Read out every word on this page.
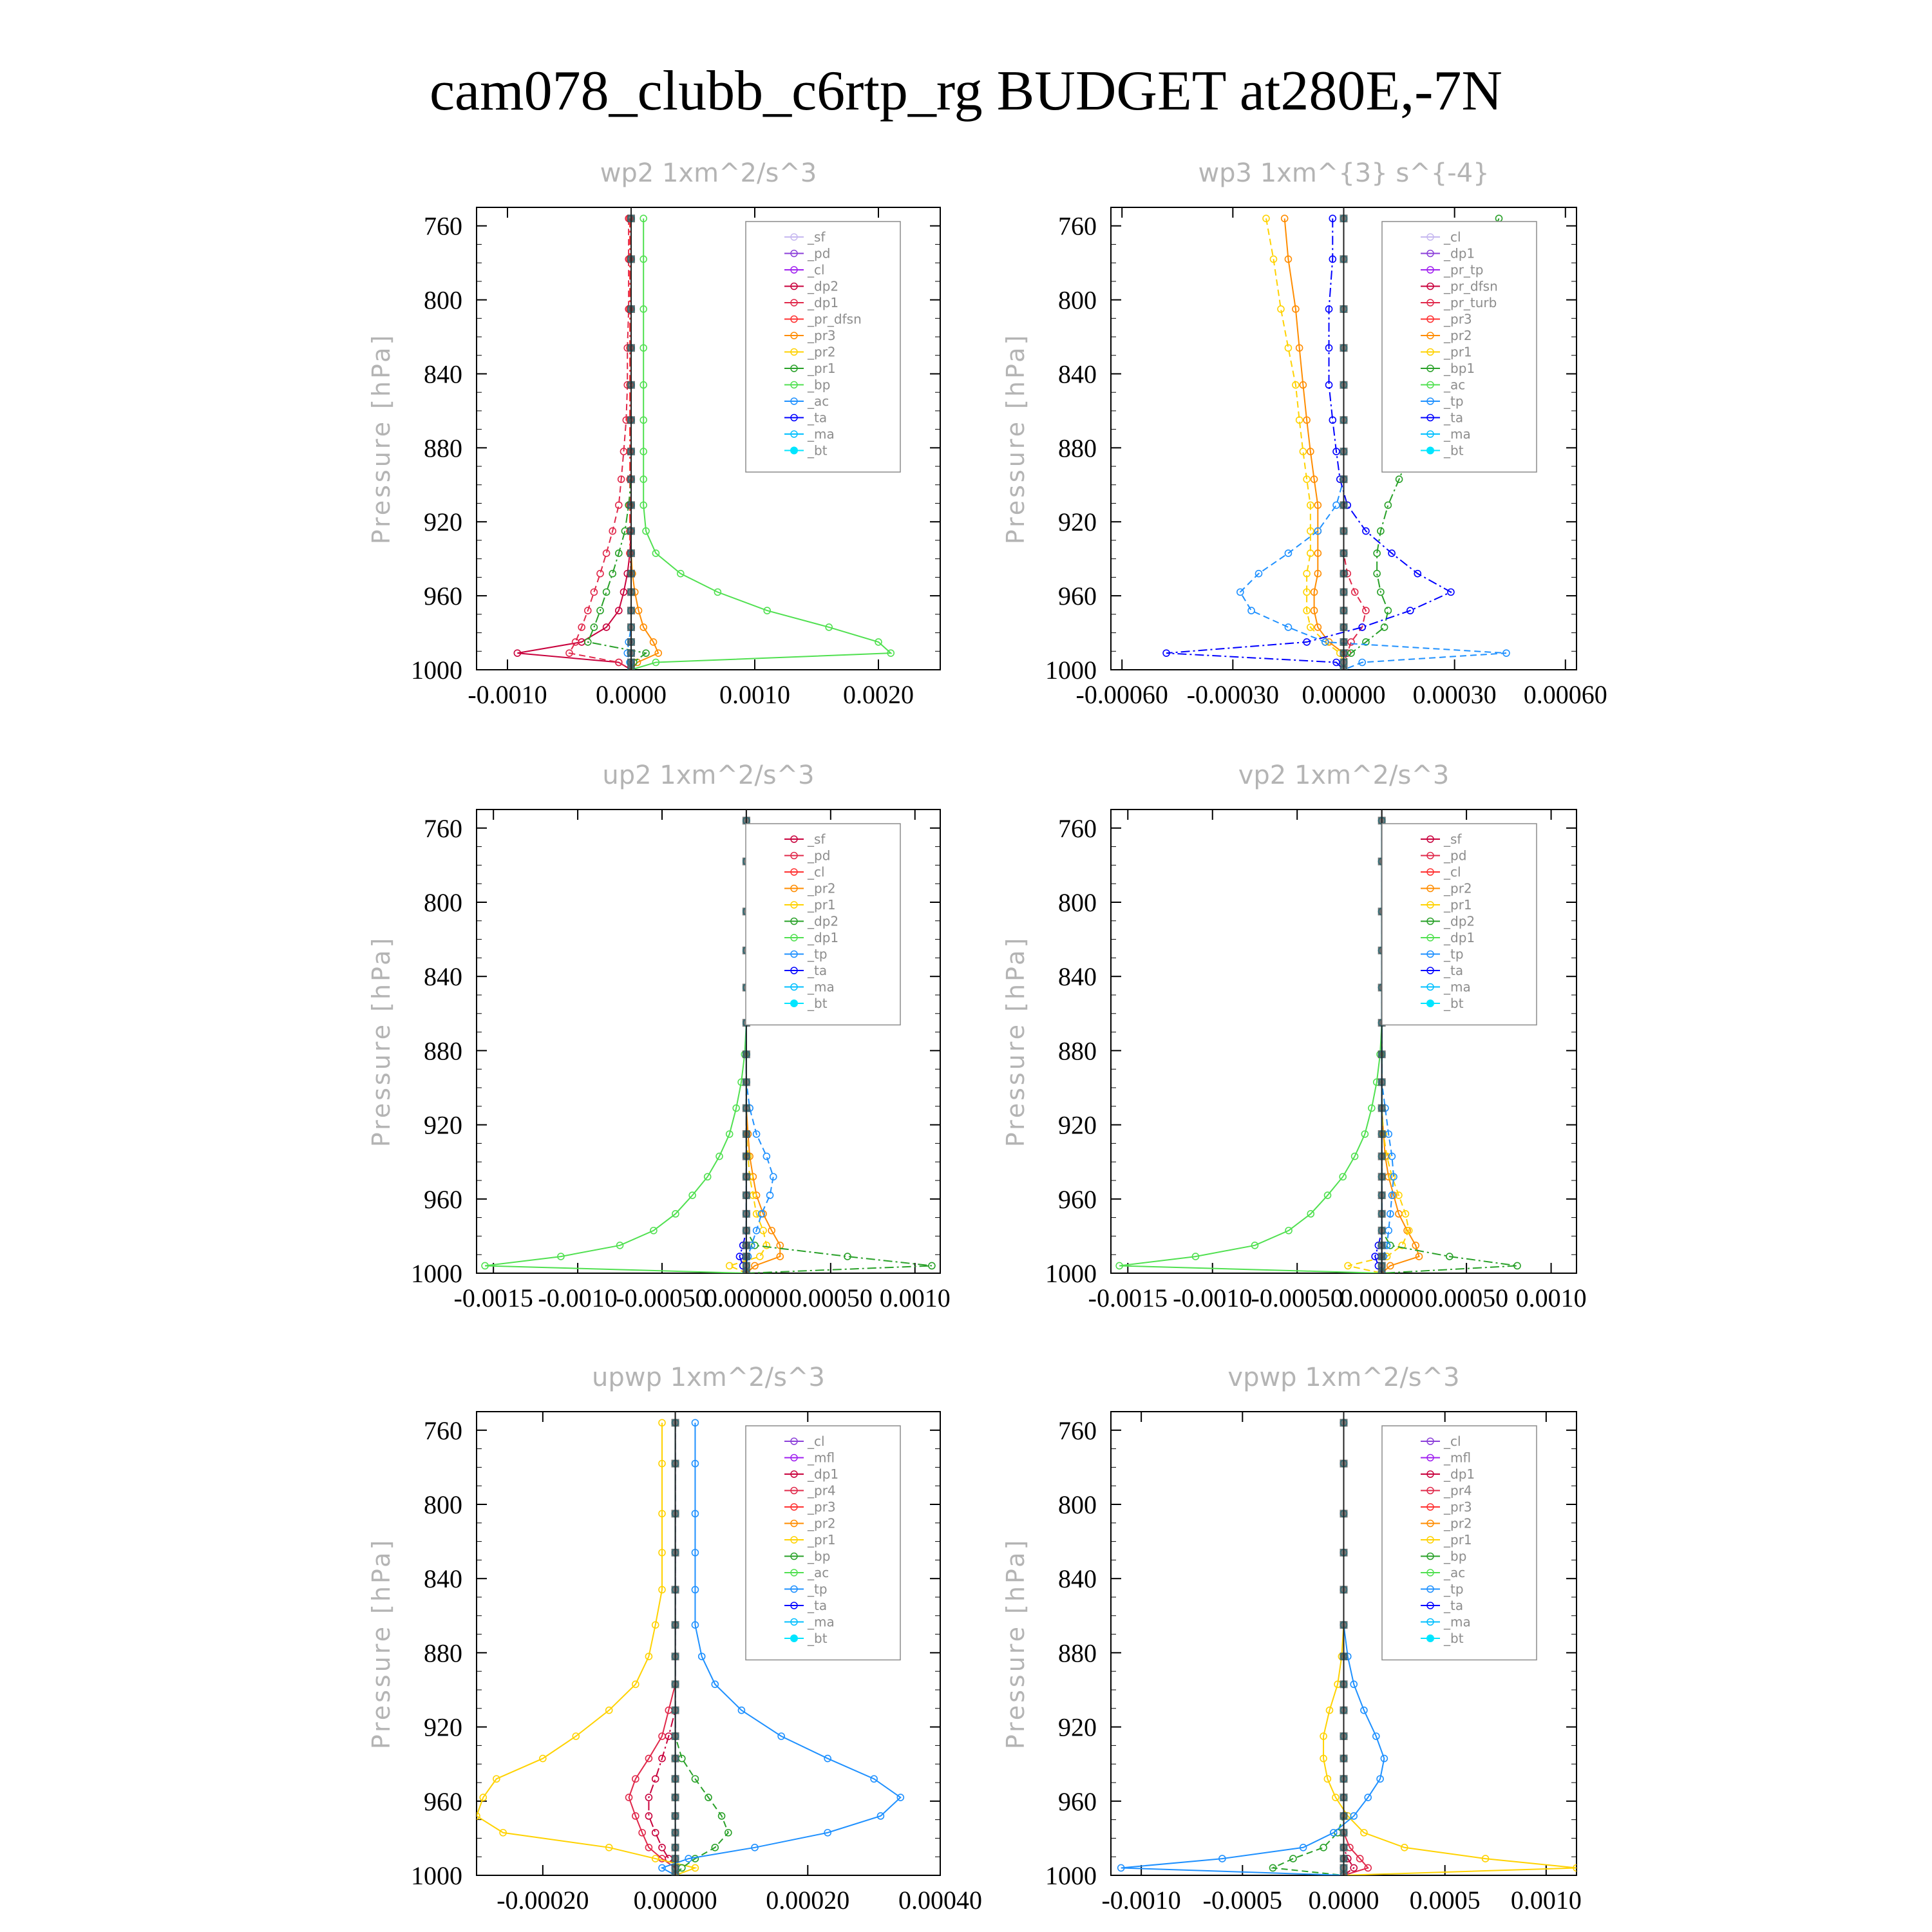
cam078_clubb_c6rtp_rg BUDGET at280E,-7N
wp2 1xm^2/s^3
Pressure [hPa]
760
800
840
880
920
960
1000
-0.0010 0.0000 0.0010 0.0020
_sf
_pd
_cl
_dp2
_dp1
_pr_dfsn
_pr3
_pr2
_pr1
_bp
_ac
_ta
_ma
_bt
wp3 1xm^{3} s^{-4}
Pressure [hPa]
760
800
840
880
920
960
1000
-0.00060 -0.00030 0.00000 0.00030 0.00060
_cl
_dp1
_pr_tp
_pr_dfsn
_pr_turb
_pr3
_pr2
_pr1
_bp1
_ac
_tp
_ta
_ma
_bt
up2 1xm^2/s^3
Pressure [hPa]
760
800
840
880
920
960
1000
-0.0015 -0.0010
-0.00050
0.00000 0.00050 0.0010
_sf
_pd
_cl
_pr2
_pr1
_dp2
_dp1
_tp
_ta
_ma
_bt
vp2 1xm^2/s^3
Pressure [hPa]
760
800
840
880
920
960
1000
-0.0015 -0.0010
-0.00050
0.00000 0.00050 0.0010
_sf
_pd
_cl
_pr2
_pr1
_dp2
_dp1
_tp
_ta
_ma
_bt
upwp 1xm^2/s^3
Pressure [hPa]
760
800
840
880
920
960
1000
-0.00020 0.00000 0.00020 0.00040
_cl
_mfl
_dp1
_pr4
_pr3
_pr2
_pr1
_bp
_ac
_tp
_ta
_ma
_bt
vpwp 1xm^2/s^3
Pressure [hPa]
760
800
840
880
920
960
1000
-0.0010 -0.0005 0.0000 0.0005 0.0010
_cl
_mfl
_dp1
_pr4
_pr3
_pr2
_pr1
_bp
_ac
_tp
_ta
_ma
_bt
